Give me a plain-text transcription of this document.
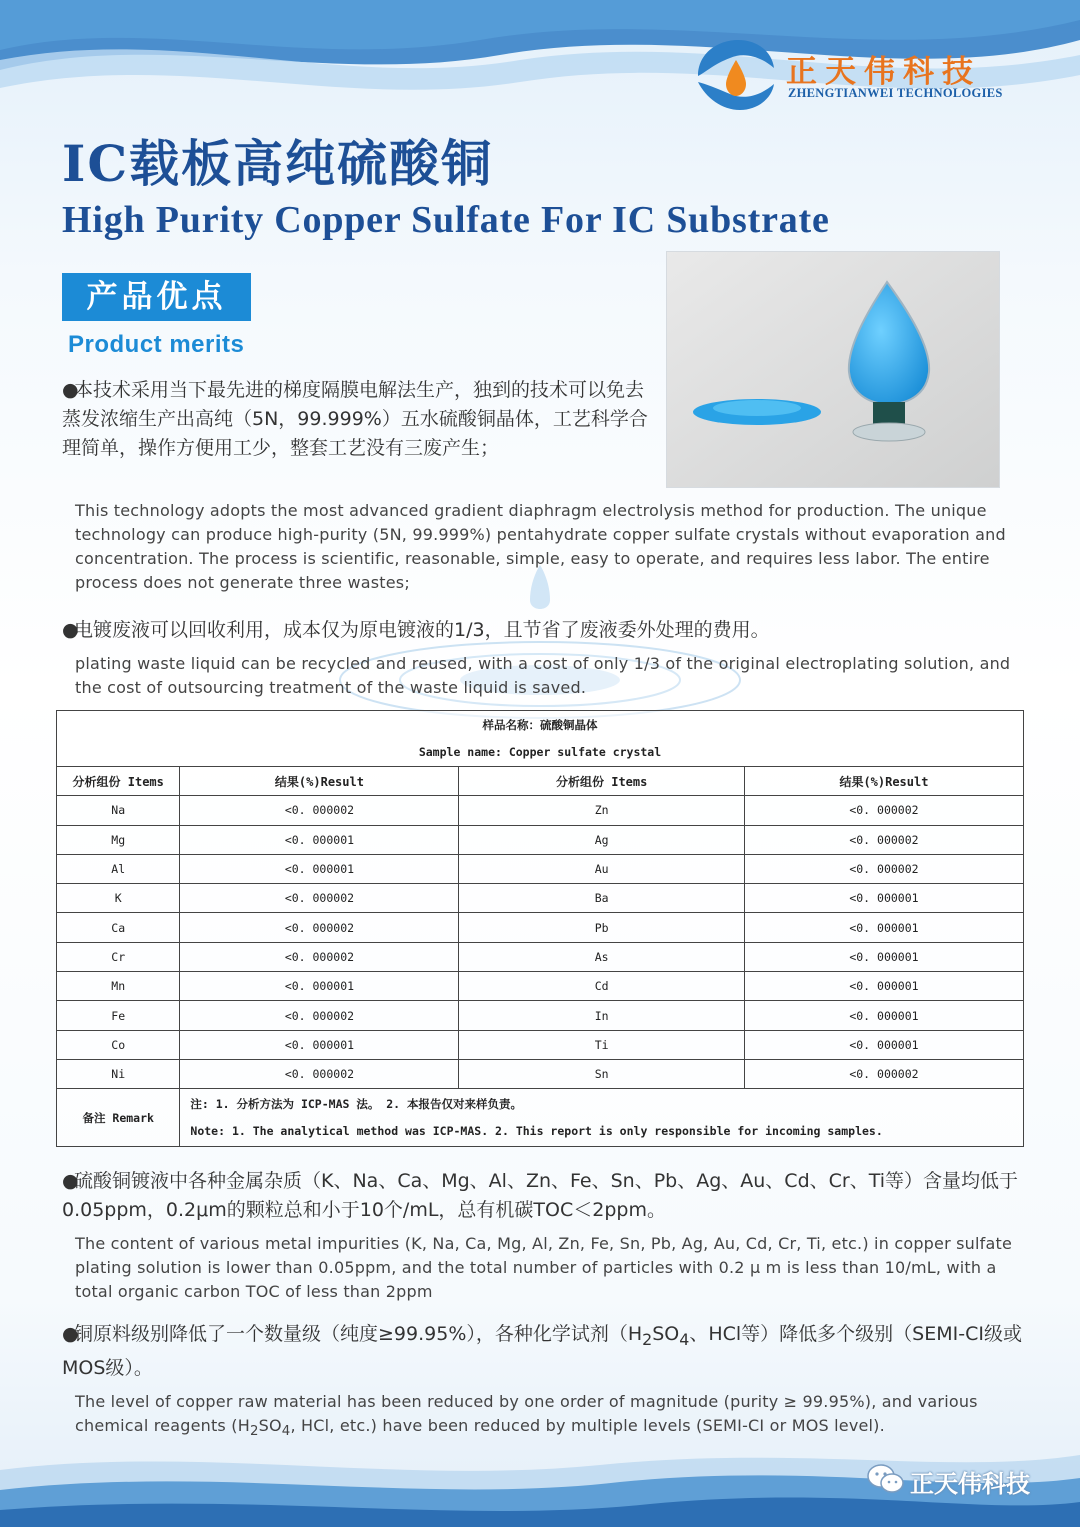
正天伟科技
ZHENGTIANWEI TECHNOLOGIES
IC载板高纯硫酸铜
High Purity Copper Sulfate For IC Substrate
产品优点
Product merits
●本技术采用当下最先进的梯度隔膜电解法生产，独到的技术可以免去蒸发浓缩生产出高纯（5N，99.999%）五水硫酸铜晶体，工艺科学合理简单，操作方便用工少，整套工艺没有三废产生；
This technology adopts the most advanced gradient diaphragm electrolysis method for production. The unique technology can produce high-purity (5N, 99.999%) pentahydrate copper sulfate crystals without evaporation and concentration. The process is scientific, reasonable, simple, easy to operate, and requires less labor. The entire process does not generate three wastes;
●电镀废液可以回收利用，成本仅为原电镀液的1/3，且节省了废液委外处理的费用。
plating waste liquid can be recycled and reused, with a cost of only 1/3 of the original electroplating solution, and the cost of outsourcing treatment of the waste liquid is saved.
样品名称：硫酸铜晶体
Sample name: Copper sulfate crystal			

分析组份 Items	结果(%)Result	分析组份 Items	结果(%)Result
Na	<0. 000002	Zn	<0. 000002
Mg	<0. 000001	Ag	<0. 000002
Al	<0. 000001	Au	<0. 000002
K	<0. 000002	Ba	<0. 000001
Ca	<0. 000002	Pb	<0. 000001
Cr	<0. 000002	As	<0. 000001
Mn	<0. 000001	Cd	<0. 000001
Fe	<0. 000002	In	<0. 000001
Co	<0. 000001	Ti	<0. 000001
Ni	<0. 000002	Sn	<0. 000002
备注 Remark	注: 1. 分析方法为 ICP-MAS 法。 2. 本报告仅对来样负责。
Note: 1. The analytical method was ICP-MAS. 2. This report is only responsible for incoming samples.		
●硫酸铜镀液中各种金属杂质（K、Na、Ca、Mg、Al、Zn、Fe、Sn、Pb、Ag、Au、Cd、Cr、Ti等）含量均低于0.05ppm，0.2μm的颗粒总和小于10个/mL，总有机碳TOC＜2ppm。
The content of various metal impurities (K, Na, Ca, Mg, Al, Zn, Fe, Sn, Pb, Ag, Au, Cd, Cr, Ti, etc.) in copper sulfate plating solution is lower than 0.05ppm, and the total number of particles with 0.2 μ m is less than 10/mL, with a total organic carbon TOC of less than 2ppm
●铜原料级别降低了一个数量级（纯度≥99.95%），各种化学试剂（$H_2SO_4$、HCl等）降低多个级别（SEMI-CI级或MOS级）。
The level of copper raw material has been reduced by one order of magnitude (purity ≥ 99.95%), and various chemical reagents ($H_2SO_4$, HCl, etc.) have been reduced by multiple levels (SEMI-CI or MOS level).
正天伟科技
